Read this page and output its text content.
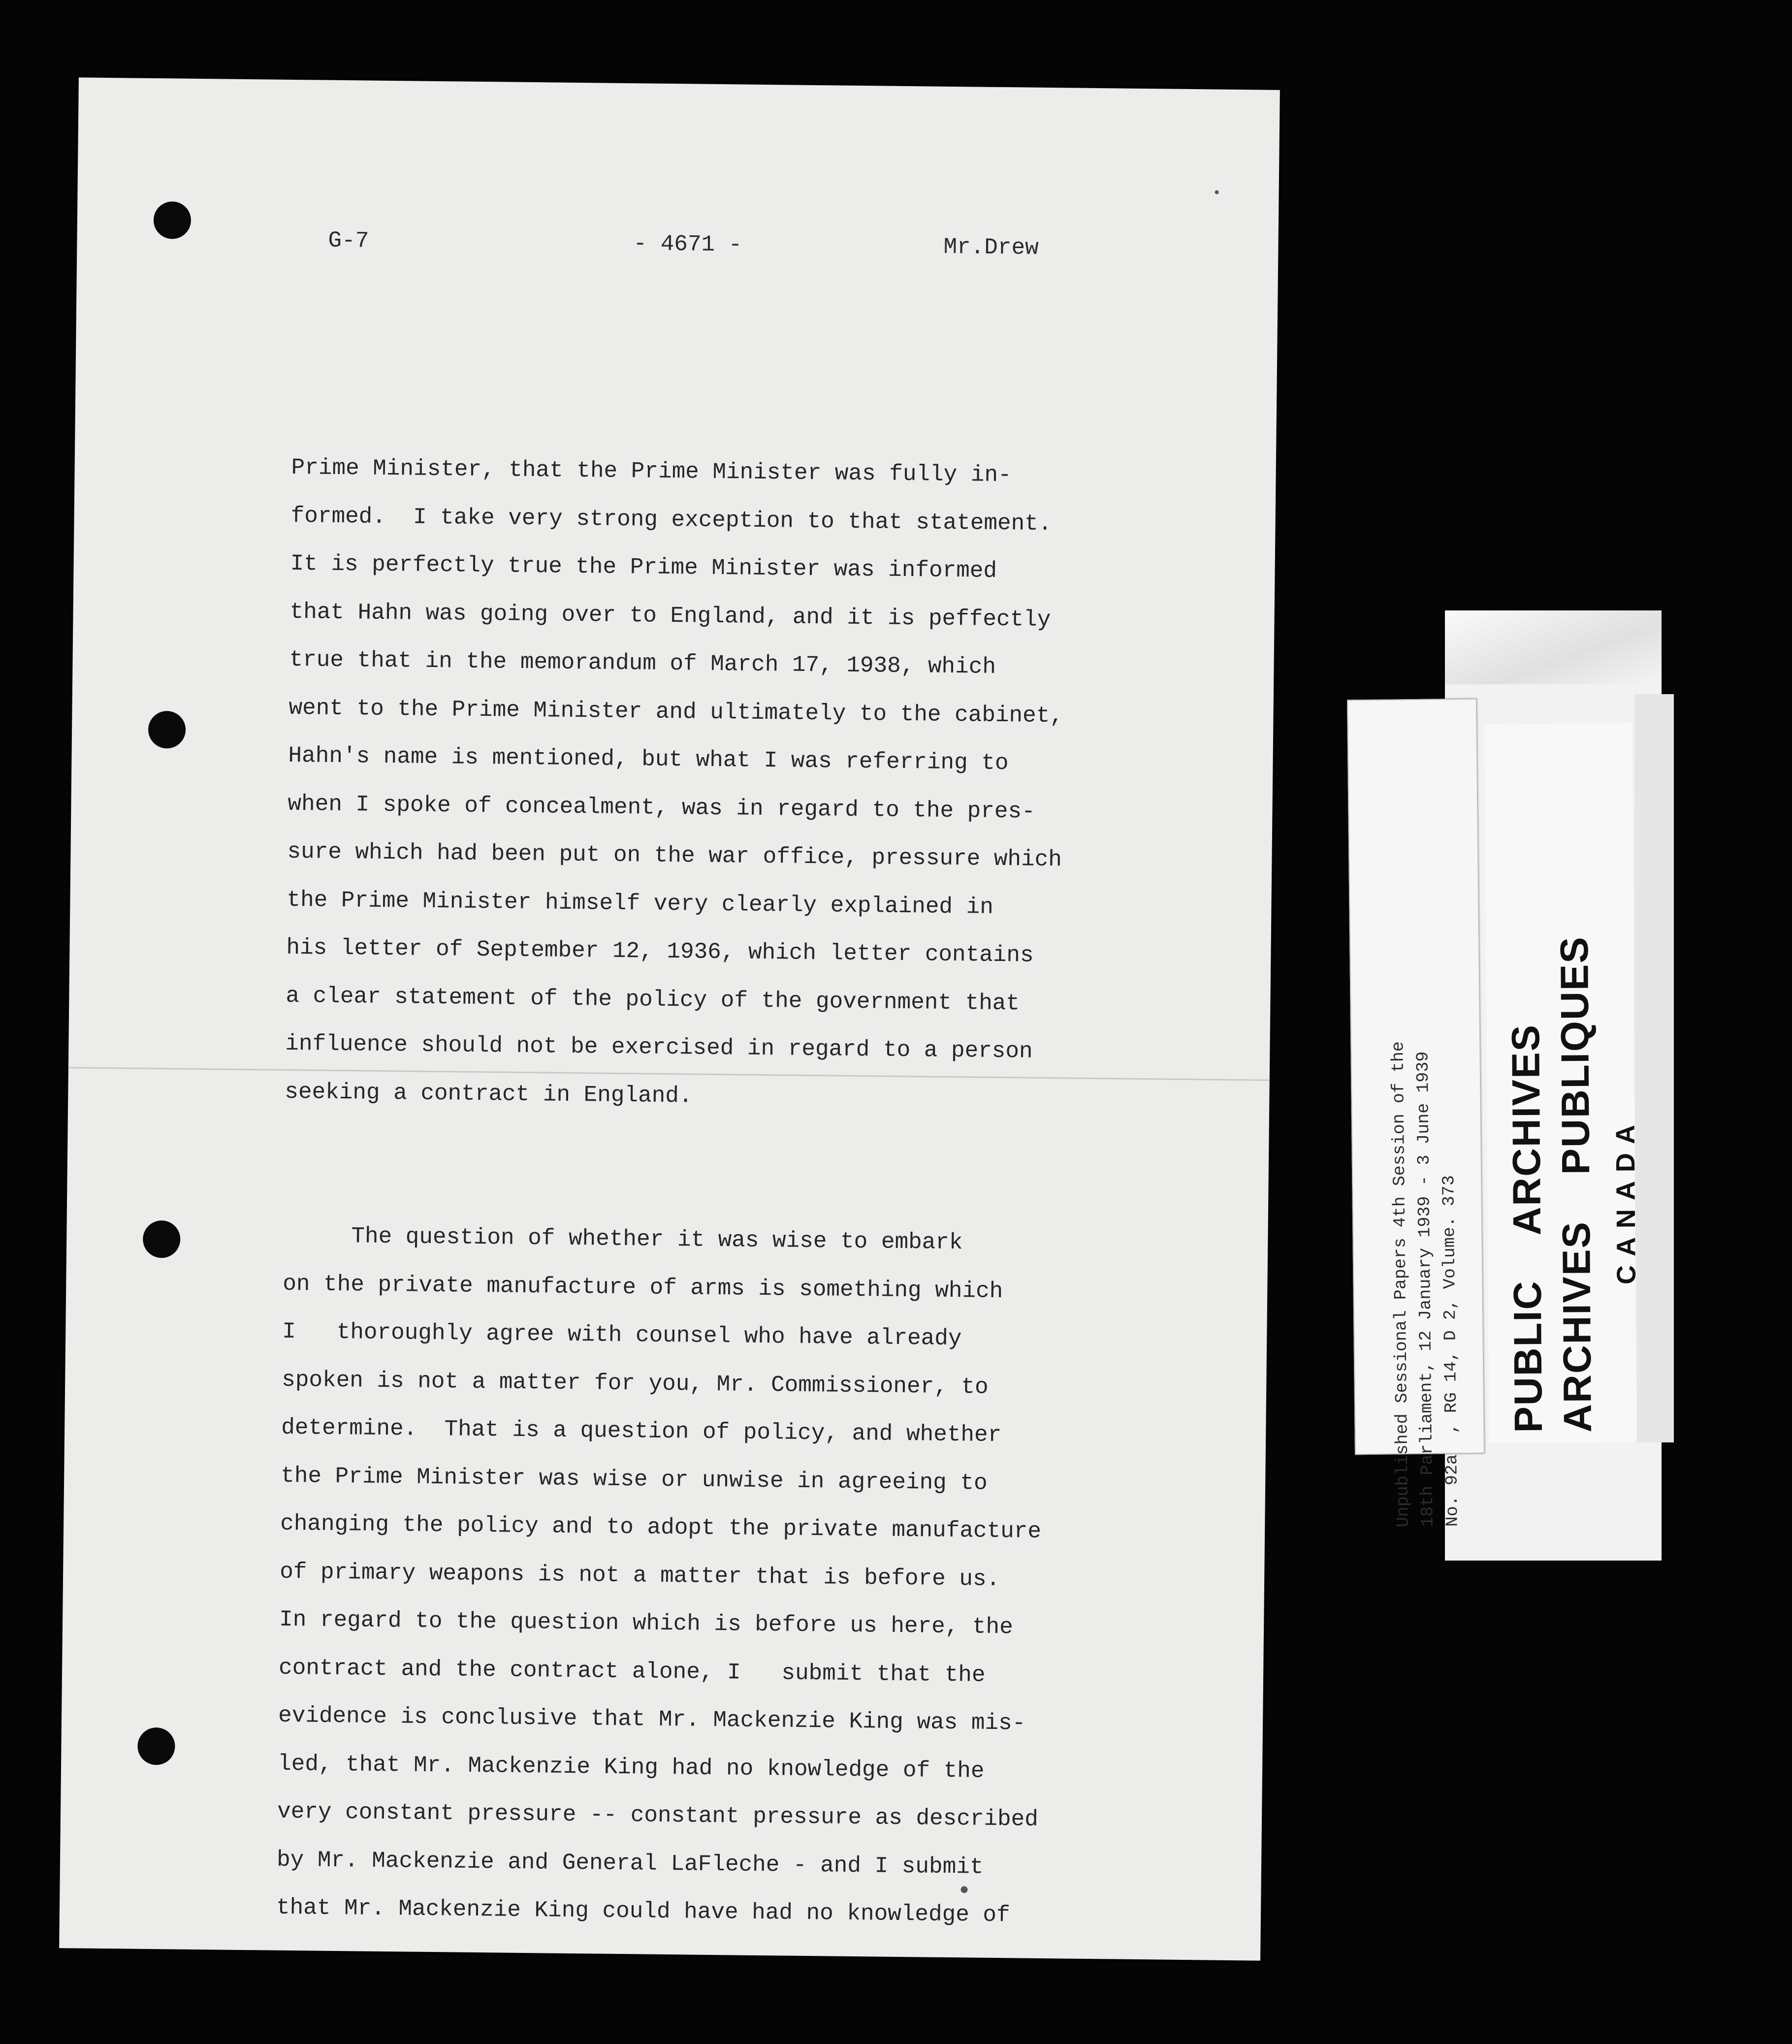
G-7	- 4671 -	Mr.Drew

Prime Minister, that the Prime Minister was fully in-
formed.  I take very strong exception to that statement.
It is perfectly true the Prime Minister was informed
that Hahn was going over to England, and it is peffectly
true that in the memorandum of March 17, 1938, which
went to the Prime Minister and ultimately to the cabinet,
Hahn's name is mentioned, but what I was referring to
when I spoke of concealment, was in regard to the pres-
sure which had been put on the war office, pressure which
the Prime Minister himself very clearly explained in
his letter of September 12, 1936, which letter contains
a clear statement of the policy of the government that
influence should not be exercised in regard to a person
seeking a contract in England.

The question of whether it was wise to embark
on the private manufacture of arms is something which
I   thoroughly agree with counsel who have already
spoken is not a matter for you, Mr. Commissioner, to
determine.  That is a question of policy, and whether
the Prime Minister was wise or unwise in agreeing to
changing the policy and to adopt the private manufacture
of primary weapons is not a matter that is before us.
In regard to the question which is before us here, the
contract and the contract alone, I   submit that the
evidence is conclusive that Mr. Mackenzie King was mis-
led, that Mr. Mackenzie King had no knowledge of the
very constant pressure -- constant pressure as described
by Mr. Mackenzie and General LaFleche - and I submit
that Mr. Mackenzie King could have had no knowledge of

Unpublished Sessional Papers 4th Session of the 18th Parliament, 12 January 1939 - 3 June 1939 No. 92a  , RG 14, D 2, Volume. 373 PUBLIC ARCHIVES ARCHIVES PUBLIQUES CANADA
